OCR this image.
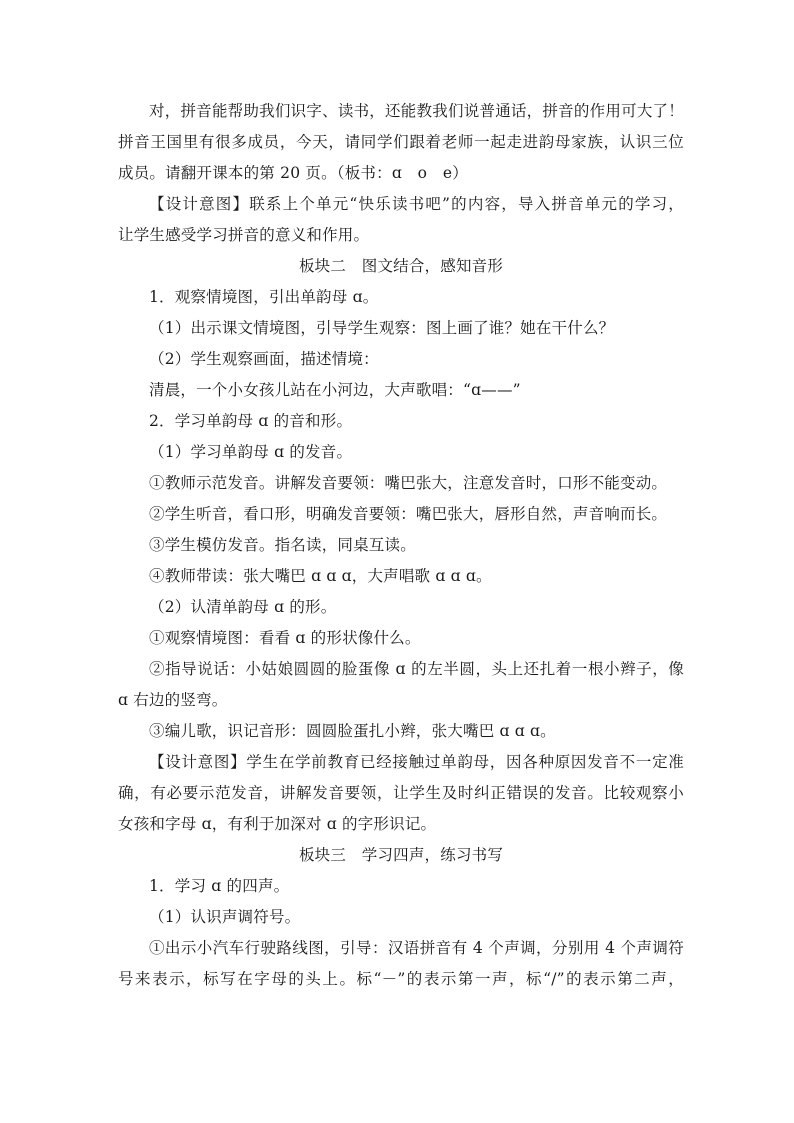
对，拼音能帮助我们识字、读书，还能教我们说普通话，拼音的作用可大了！
拼音王国里有很多成员，今天，请同学们跟着老师一起走进韵母家族，认识三位
成员。请翻开课本的第 20 页。（板书：ɑ　o　e）
【设计意图】联系上个单元“快乐读书吧”的内容，导入拼音单元的学习，
让学生感受学习拼音的意义和作用。
板块二　图文结合，感知音形
1．观察情境图，引出单韵母 ɑ。
（1）出示课文情境图，引导学生观察：图上画了谁？她在干什么？
（2）学生观察画面，描述情境：
清晨，一个小女孩儿站在小河边，大声歌唱：“ɑ——”
2．学习单韵母 ɑ 的音和形。
（1）学习单韵母 ɑ 的发音。
①教师示范发音。讲解发音要领：嘴巴张大，注意发音时，口形不能变动。
②学生听音，看口形，明确发音要领：嘴巴张大，唇形自然，声音响而长。
③学生模仿发音。指名读，同桌互读。
④教师带读：张大嘴巴 ɑ ɑ ɑ，大声唱歌 ɑ ɑ ɑ。
（2）认清单韵母 ɑ 的形。
①观察情境图：看看 ɑ 的形状像什么。
②指导说话：小姑娘圆圆的脸蛋像 ɑ 的左半圆，头上还扎着一根小辫子，像
ɑ 右边的竖弯。
③编儿歌，识记音形：圆圆脸蛋扎小辫，张大嘴巴 ɑ ɑ ɑ。
【设计意图】学生在学前教育已经接触过单韵母，因各种原因发音不一定准
确，有必要示范发音，讲解发音要领，让学生及时纠正错误的发音。比较观察小
女孩和字母 ɑ，有利于加深对 ɑ 的字形识记。
板块三　学习四声，练习书写
1．学习 ɑ 的四声。
（1）认识声调符号。
①出示小汽车行驶路线图，引导：汉语拼音有 4 个声调，分别用 4 个声调符
号来表示，标写在字母的头上。标“－”的表示第一声，标“/”的表示第二声，
